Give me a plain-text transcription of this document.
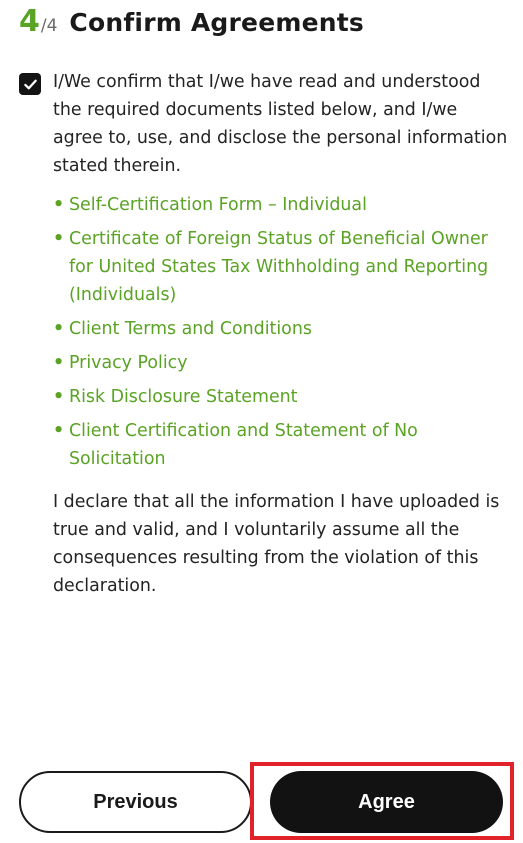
4 /4 Confirm Agreements

I/We confirm that I/we have read and understood the required documents listed below, and I/we agree to, use, and disclose the personal information stated therein.

• Self-Certification Form – Individual
• Certificate of Foreign Status of Beneficial Owner for United States Tax Withholding and Reporting (Individuals)
• Client Terms and Conditions
• Privacy Policy
• Risk Disclosure Statement
• Client Certification and Statement of No Solicitation

I declare that all the information I have uploaded is true and valid, and I voluntarily assume all the consequences resulting from the violation of this declaration.

Previous	Agree
